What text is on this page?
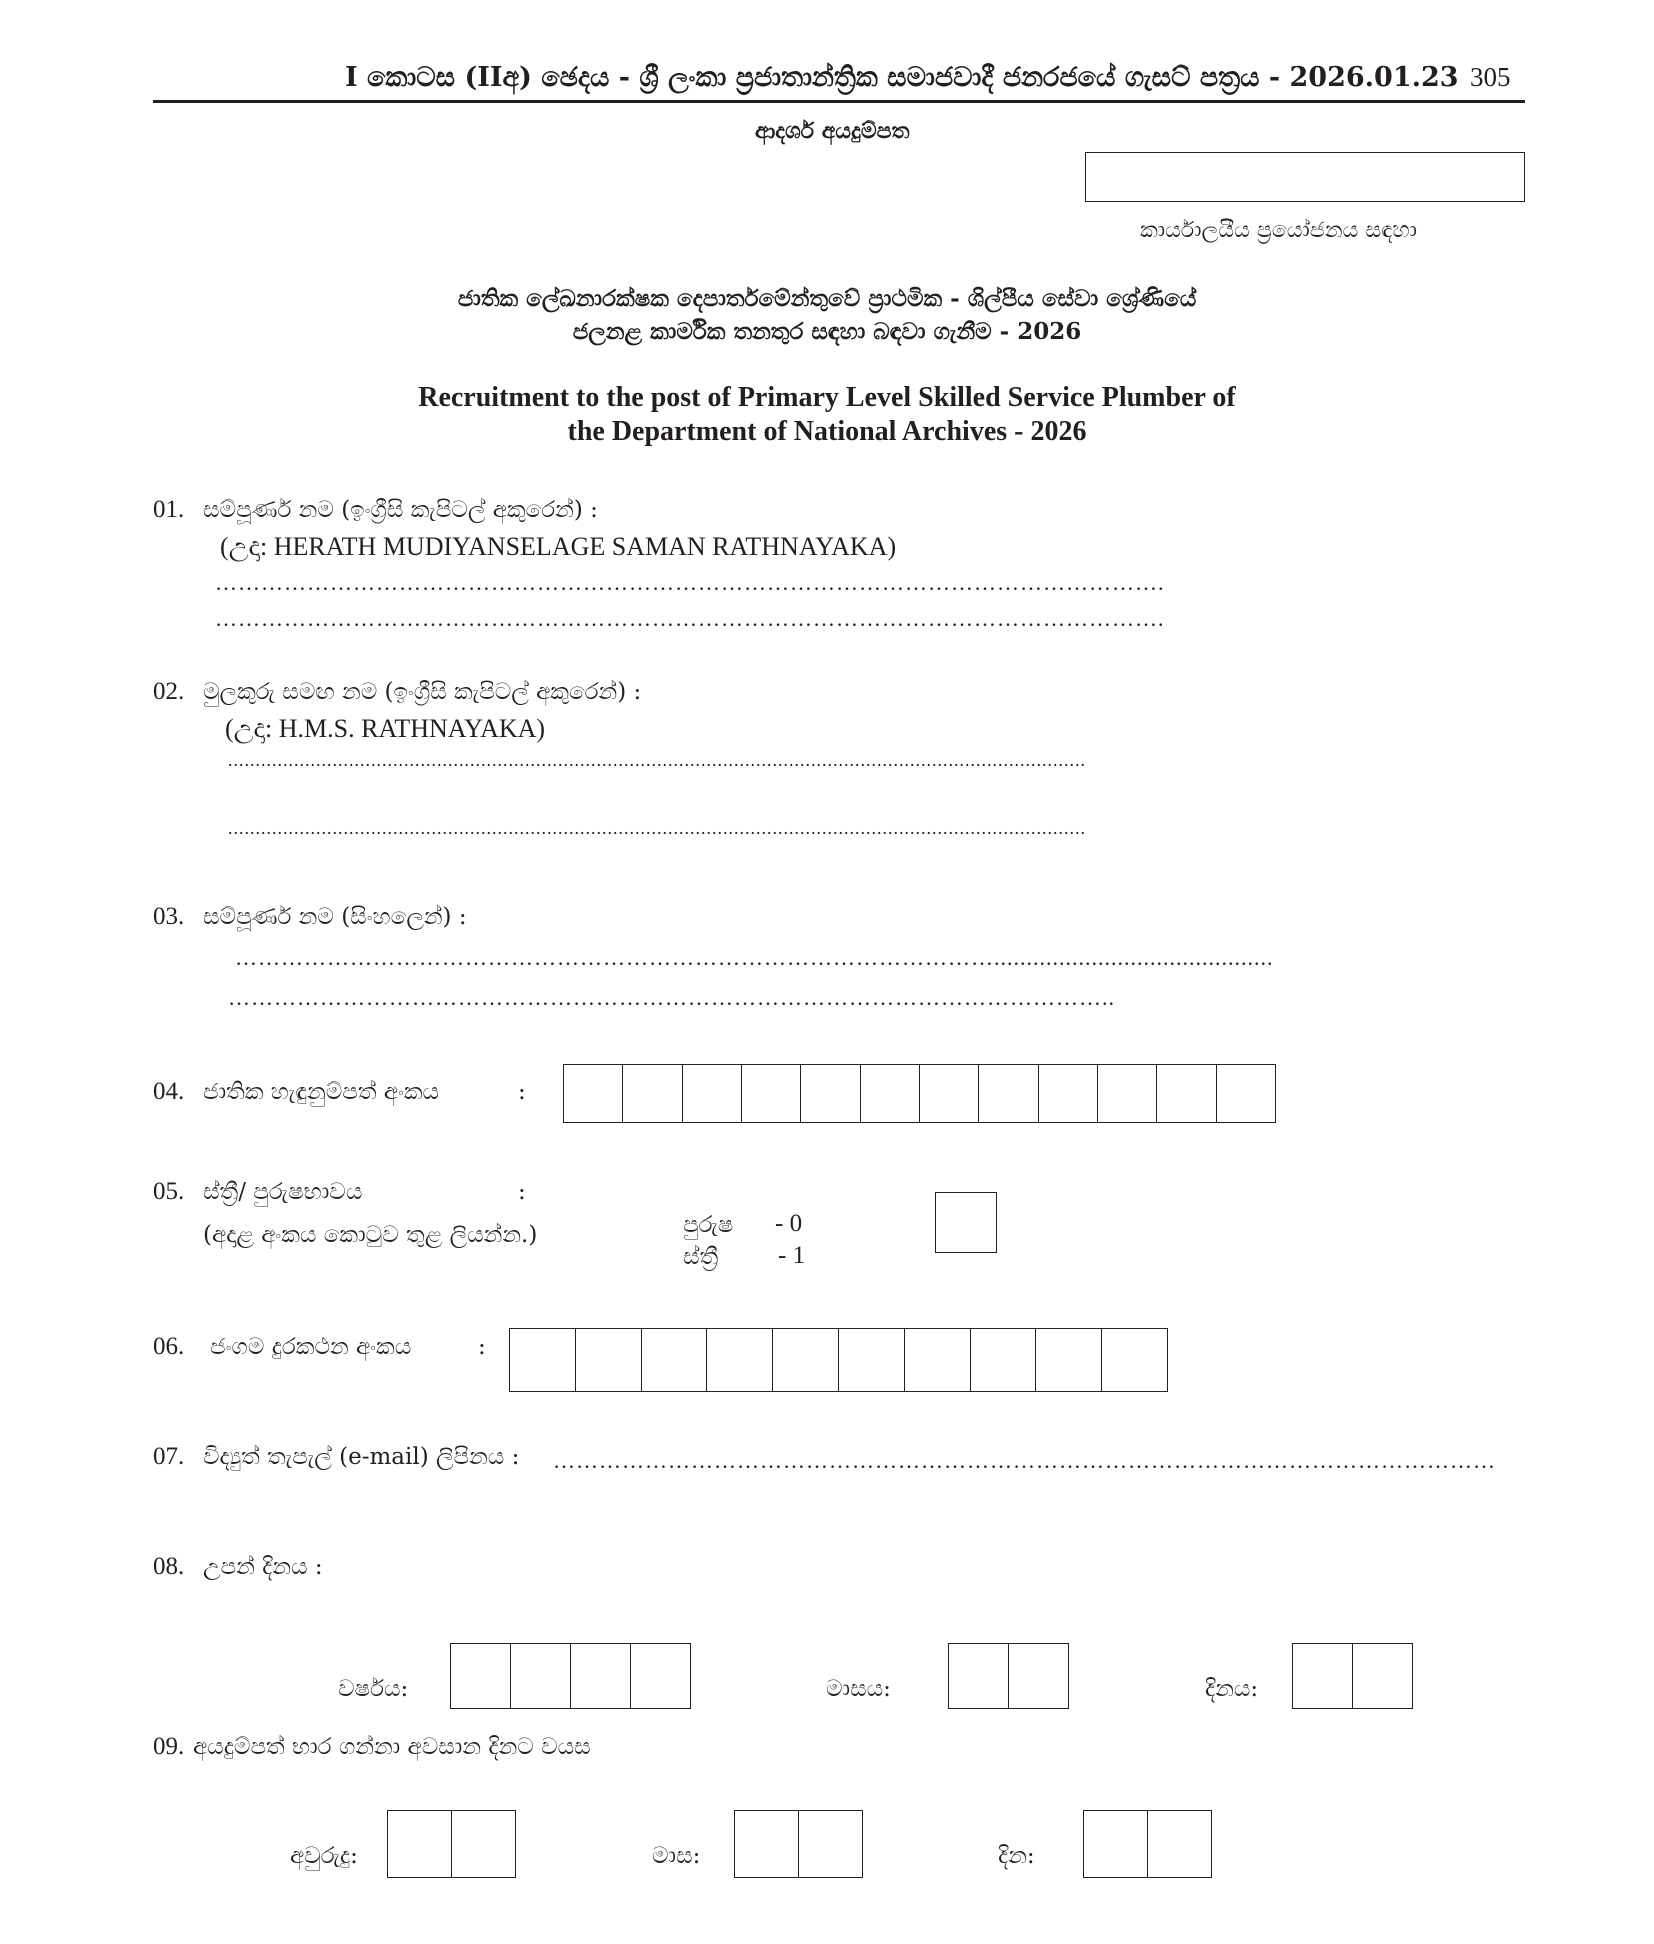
I කොටස (IIඅ) ඡෙදය - ශ්‍රී ලංකා ප්‍රජාතාන්ත්‍රික සමාජවාදී ජනරජයේ ගැසට් පත්‍රය - 2026.01.23 305
ආදර්ශ අයදුම්පත
කාර්යාලයීය ප්‍රයෝජනය සඳහා
ජාතික ලේඛනාරක්ෂක දෙපාර්තමේන්තුවේ ප්‍රාථමික - ශිල්පීය සේවා ශ්‍රේණියේ
ජලනළ කාර්මික තනතුර සඳහා බඳවා ගැනීම - 2026
Recruitment to the post of Primary Level Skilled Service Plumber of
the Department of National Archives - 2026
01. සම්පූර්ණ නම (ඉංග්‍රීසි කැපිටල් අකුරෙන්) :
(උදා: HERATH MUDIYANSELAGE SAMAN RATHNAYAKA)
…………………………………………………………………………………………………………….
…………………………………………………………………………………………………………….
02. මුලකුරු සමඟ නම (ඉංග්‍රීසි කැපිටල් අකුරෙන්) :
(උදා: H.M.S. RATHNAYAKA)
............................................................................................................................................................
............................................................................................................................................................
03. සම්පූර්ණ නම (සිංහලෙන්) :
………………………………………………………………………………………...........................................
……………………………………………………………………………………………………..
04. ජාතික හැඳුනුම්පත් අංකය	:
05. ස්ත්‍රී/ පුරුෂභාවය	:
(අදාළ අංකය කොටුව තුළ ලියන්න.)	පුරුෂ - 0
ස්ත්‍රී - 1
06. ජංගම දුරකථන අංකය	:
07. විද්‍යුත් තැපැල් (e-mail) ලිපිනය : ……………………………………………………………………………………………………………
08. උපන් දිනය :
වර්ෂය:	මාසය:	දිනය:
09. අයදුම්පත් භාර ගන්නා අවසාන දිනට වයස
අවුරුදු:	මාස:	දින:
